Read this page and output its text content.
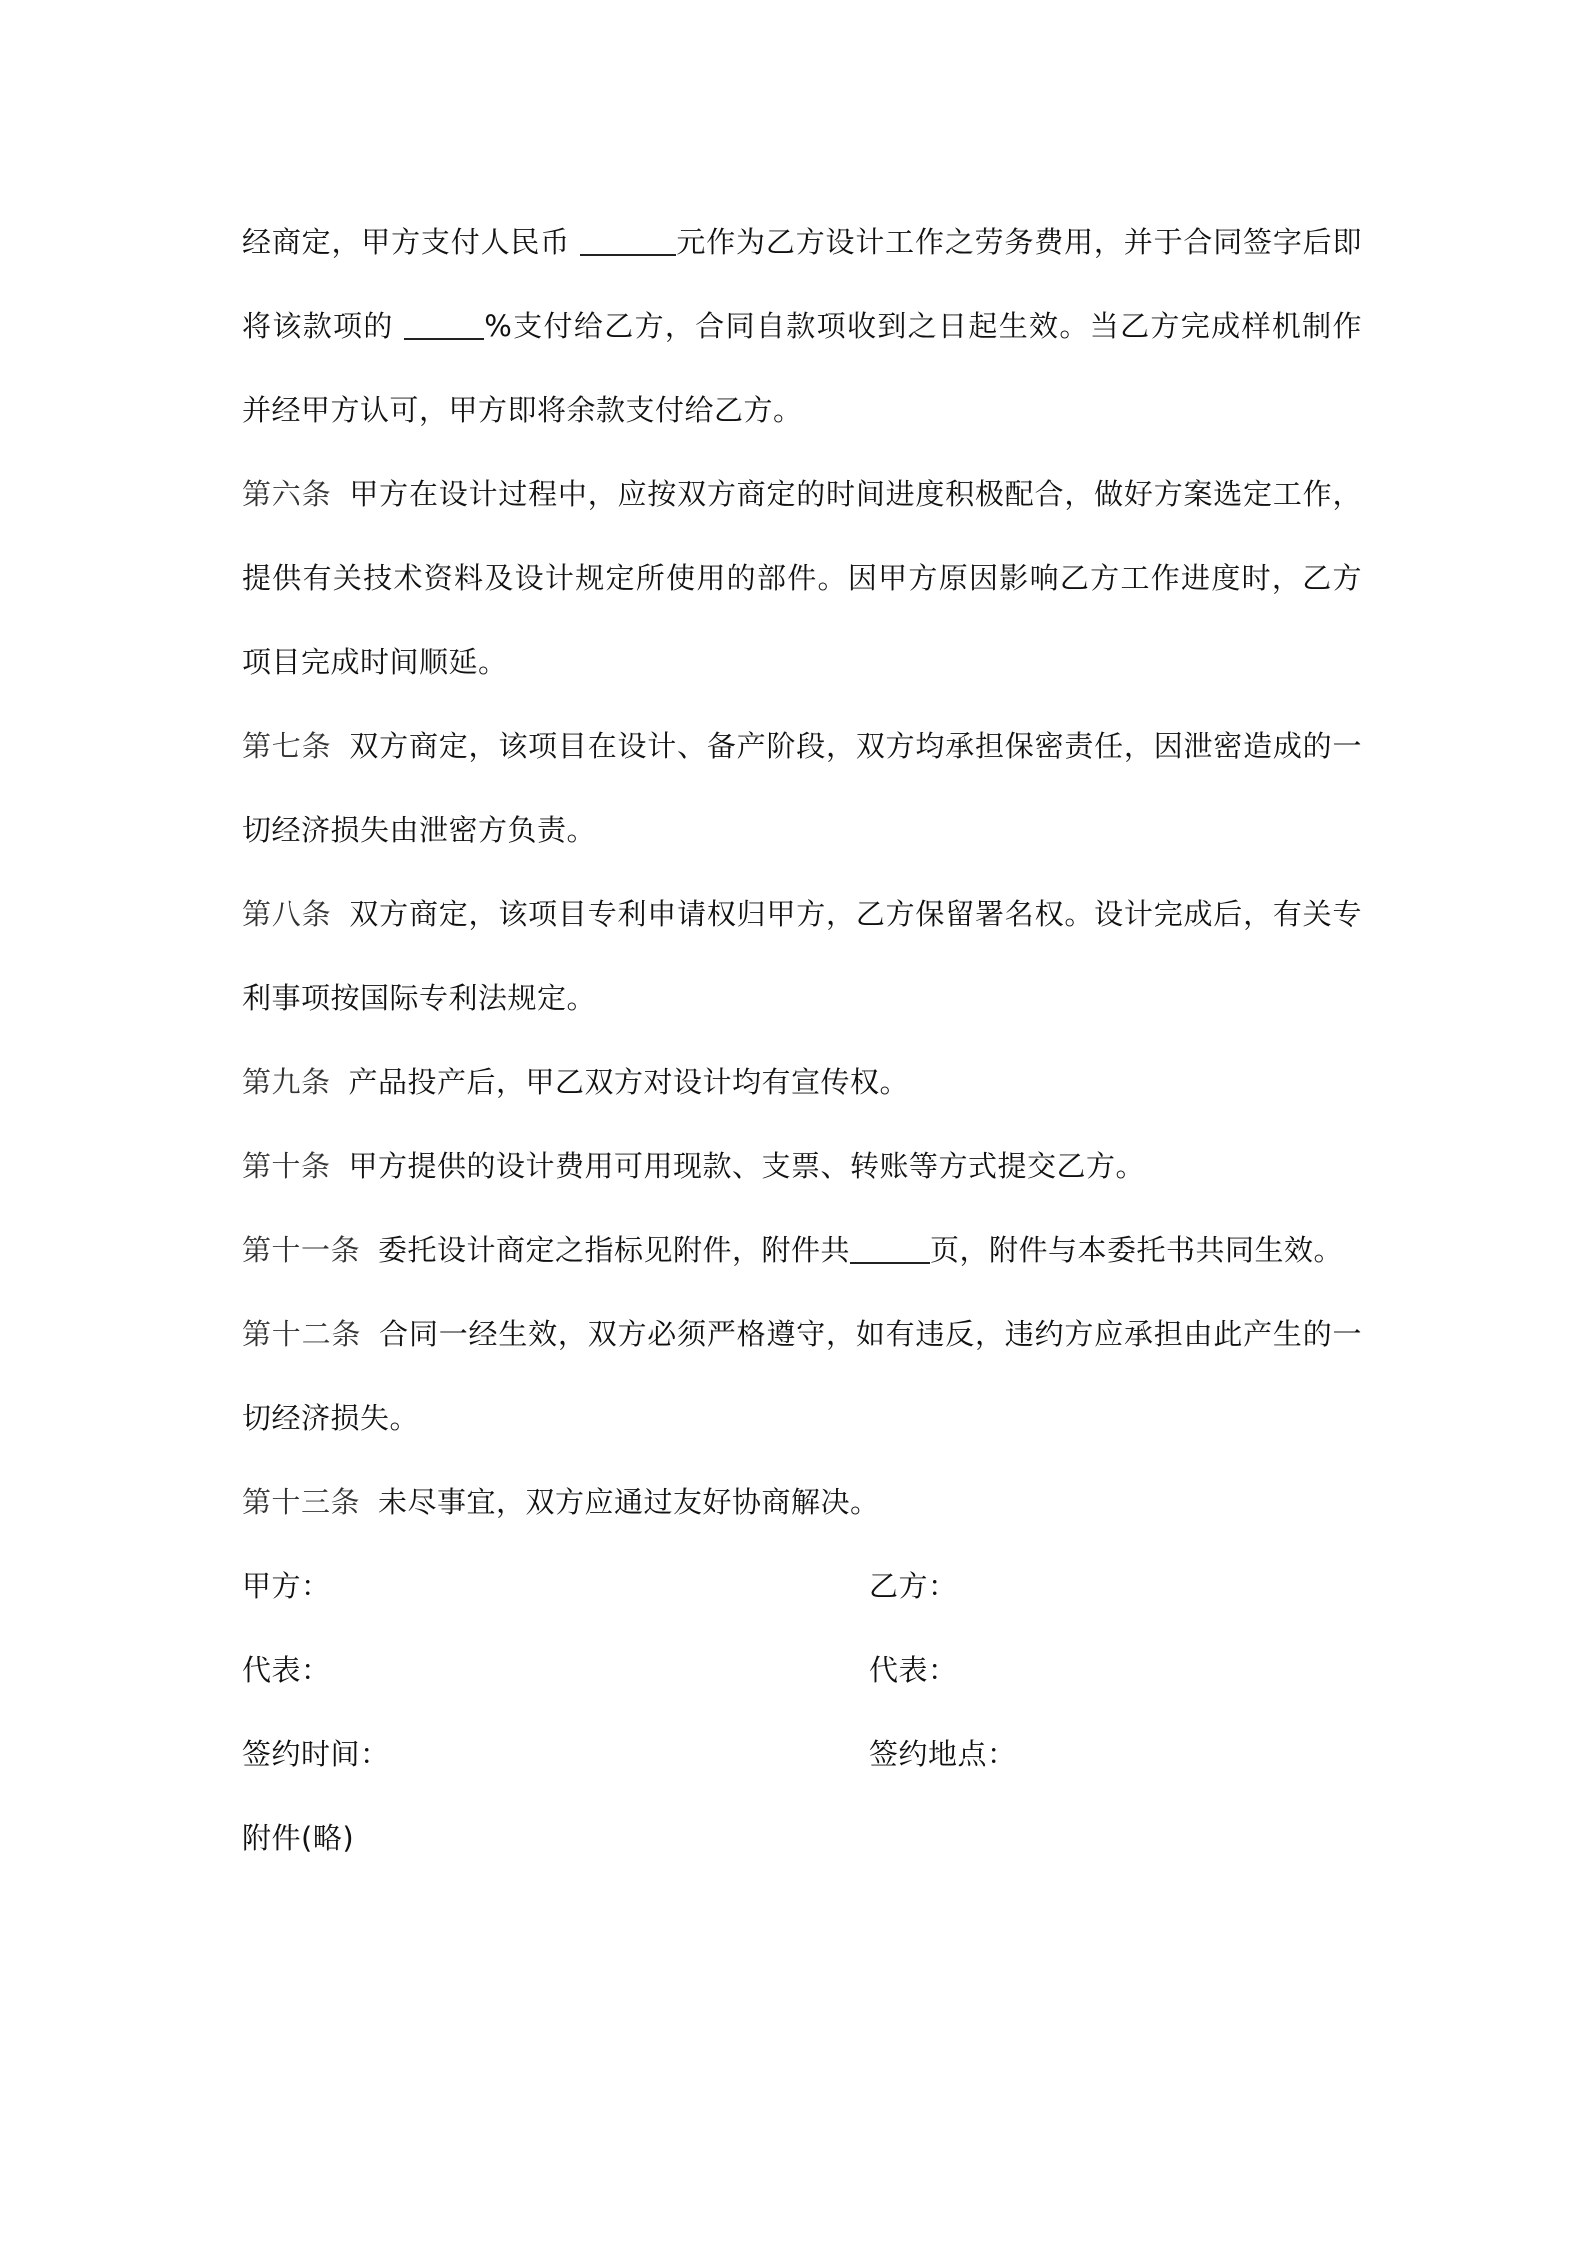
经商定，甲方支付人民币	元作为乙方设计工作之劳务费用，并于合同签字后即将该款项的	%支付给乙方，合同自款项收到之日起生效。当乙方完成样机制作并经甲方认可，甲方即将余款支付给乙方。

第六条 甲方在设计过程中，应按双方商定的时间进度积极配合，做好方案选定工作，提供有关技术资料及设计规定所使用的部件。因甲方原因影响乙方工作进度时，乙方项目完成时间顺延。

第七条 双方商定，该项目在设计、备产阶段，双方均承担保密责任，因泄密造成的一切经济损失由泄密方负责。

第八条 双方商定，该项目专利申请权归甲方，乙方保留署名权。设计完成后，有关专利事项按国际专利法规定。

第九条 产品投产后，甲乙双方对设计均有宣传权。

第十条 甲方提供的设计费用可用现款、支票、转账等方式提交乙方。

第十一条 委托设计商定之指标见附件，附件共	页，附件与本委托书共同生效。

第十二条 合同一经生效，双方必须严格遵守，如有违反，违约方应承担由此产生的一切经济损失。

第十三条 未尽事宜，双方应通过友好协商解决。

甲方：	乙方：
代表：	代表：
签约时间：	签约地点：

附件(略)
